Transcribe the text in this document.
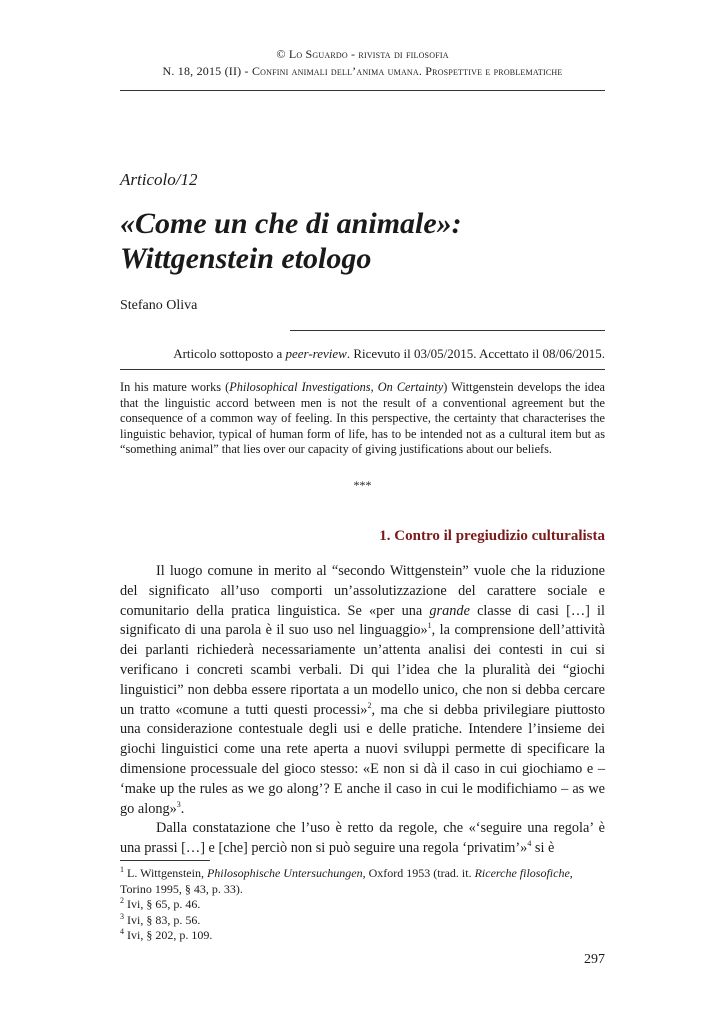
© Lo Sguardo - rivista di filosofia
N. 18, 2015 (II) - Confini animali dell’anima umana. Prospettive e problematiche
Articolo/12
«Come un che di animale»:
Wittgenstein etologo
Stefano Oliva
Articolo sottoposto a peer-review. Ricevuto il 03/05/2015. Accettato il 08/06/2015.
In his mature works (Philosophical Investigations, On Certainty) Wittgenstein develops the idea that the linguistic accord between men is not the result of a conventional agreement but the consequence of a common way of feeling. In this perspective, the certainty that characterises the linguistic behavior, typical of human form of life, has to be intended not as a cultural item but as “something animal” that lies over our capacity of giving justifications about our beliefs.
***
1. Contro il pregiudizio culturalista

Il luogo comune in merito al “secondo Wittgenstein” vuole che la riduzione del significato all’uso comporti un’assolutizzazione del carattere sociale e comunitario della pratica linguistica. Se «per una grande classe di casi […] il significato di una parola è il suo uso nel linguaggio»$^1$, la comprensione dell’attività dei parlanti richiederà necessariamente un’attenta analisi dei contesti in cui si verificano i concreti scambi verbali. Di qui l’idea che la pluralità dei “giochi linguistici” non debba essere riportata a un modello unico, che non si debba cercare un tratto «comune a tutti questi processi»$^2$, ma che si debba privilegiare piuttosto una considerazione contestuale degli usi e delle pratiche. Intendere l’insieme dei giochi linguistici come una rete aperta a nuovi sviluppi permette di specificare la dimensione processuale del gioco stesso: «E non si dà il caso in cui giochiamo e – ‘make up the rules as we go along’? E anche il caso in cui le modifichiamo – as we go along»$^3$.

Dalla constatazione che l’uso è retto da regole, che «‘seguire una regola’ è una prassi […] e [che] perciò non si può seguire una regola ‘privatim’»$^4$ si è

$^1$ L. Wittgenstein, Philosophische Untersuchungen, Oxford 1953 (trad. it. Ricerche filosofiche, Torino 1995, § 43, p. 33).
$^2$ Ivi, § 65, p. 46.
$^3$ Ivi, § 83, p. 56.
$^4$ Ivi, § 202, p. 109.
297
